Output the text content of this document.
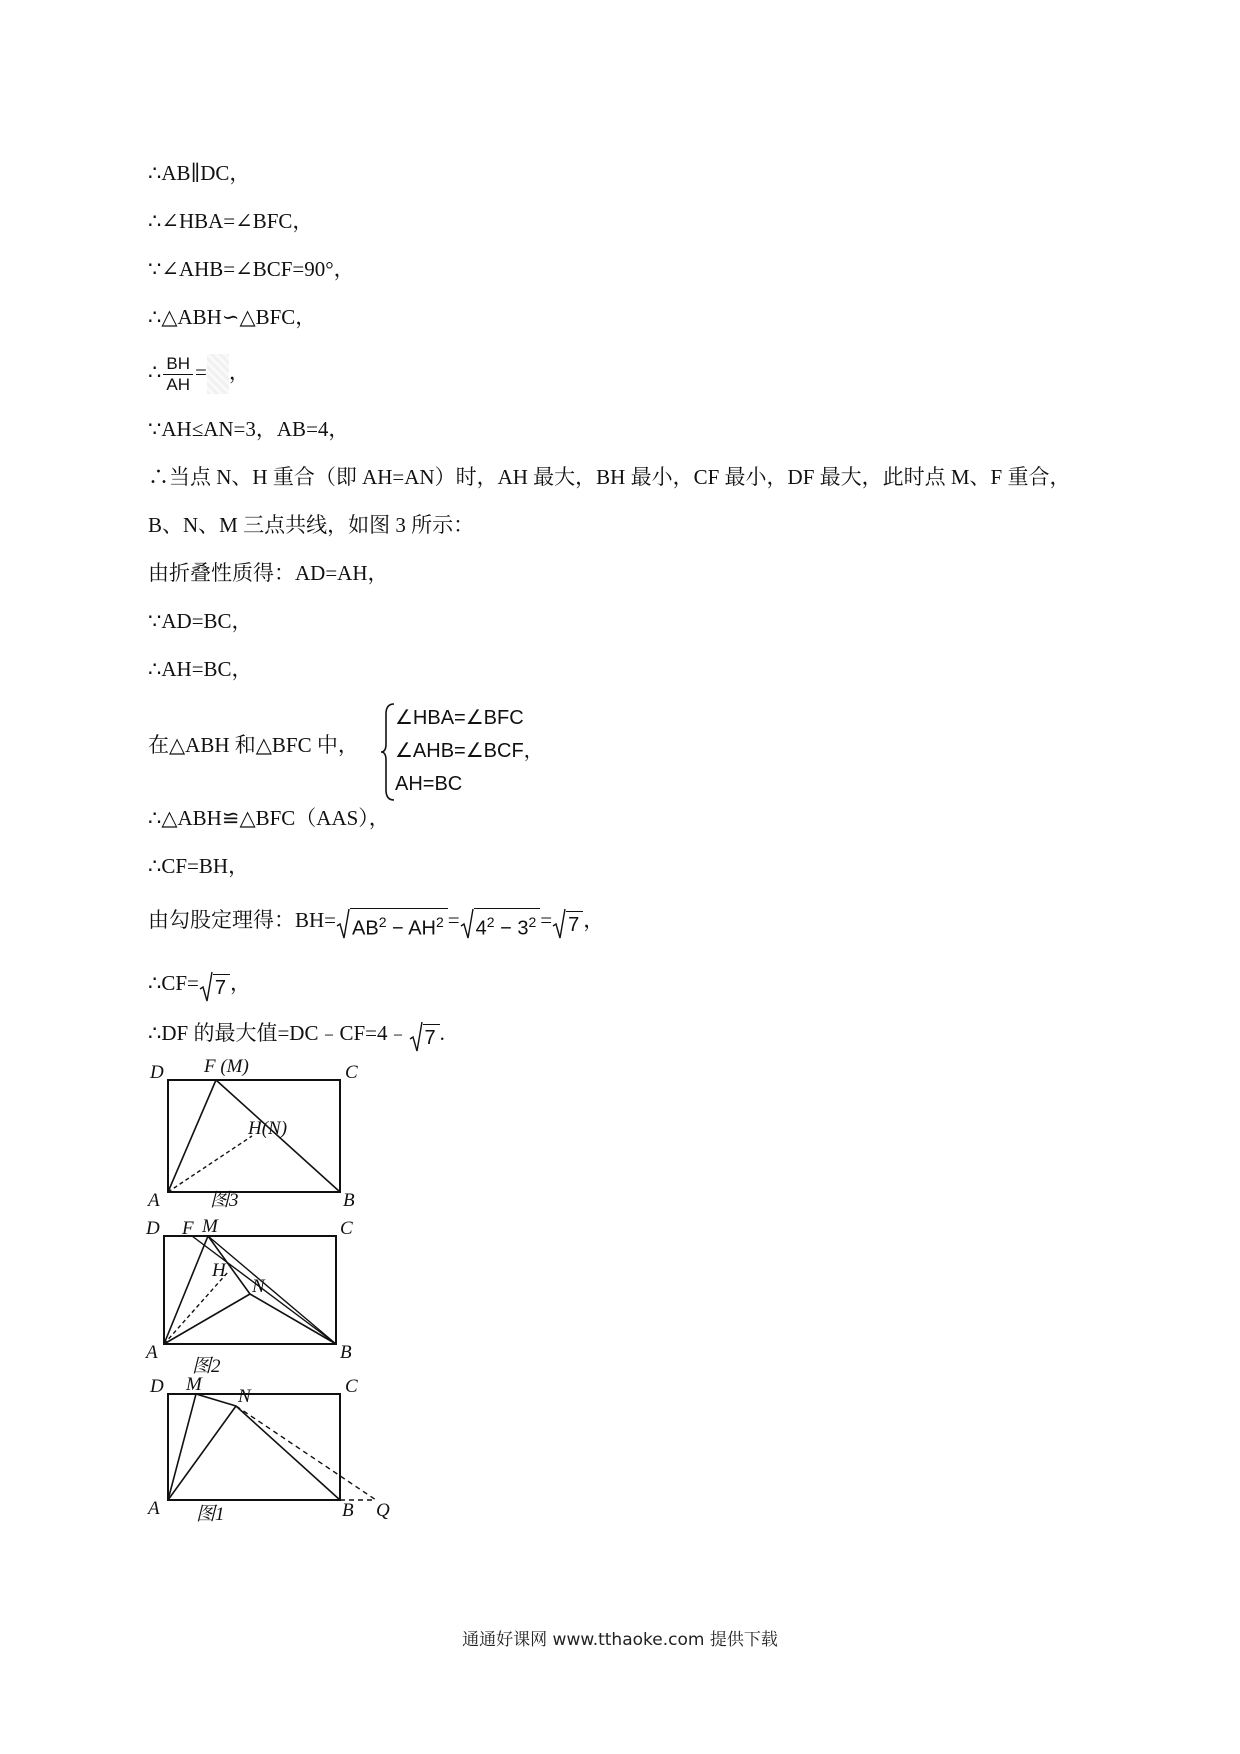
∴AB∥DC，
∴∠HBA=∠BFC，
∵∠AHB=∠BCF=90°，
∴△ABH∽△BFC，
∴ $\frac{BH}{AH}$ = ，
∵AH≤AN=3，AB=4，
∴当点 N、H 重合（即 AH=AN）时，AH 最大，BH 最小，CF 最小，DF 最大，此时点 M、F 重合，
B、N、M 三点共线，如图 3 所示：
由折叠性质得：AD=AH，
∵AD=BC，
∴AH=BC，
在△ABH 和△BFC 中，
∠HBA=∠BFC
∠AHB=∠BCF，
AH=BC
∴△ABH≌△BFC（AAS），
∴CF=BH，
由勾股定理得：$BH= AB^2 - AH^2 = 4^2 - 3^2 = 7$ ，
∴CF= 7 ，
∴DF 的最大值=DC﹣CF=4﹣ 7 .
D F (M)	C
H(N)
A	B
图3
D F M	C
H
N
A	B
图2
D M	C
N
A	B Q
图1
通通好课网 www.tthaoke.com 提供下载
